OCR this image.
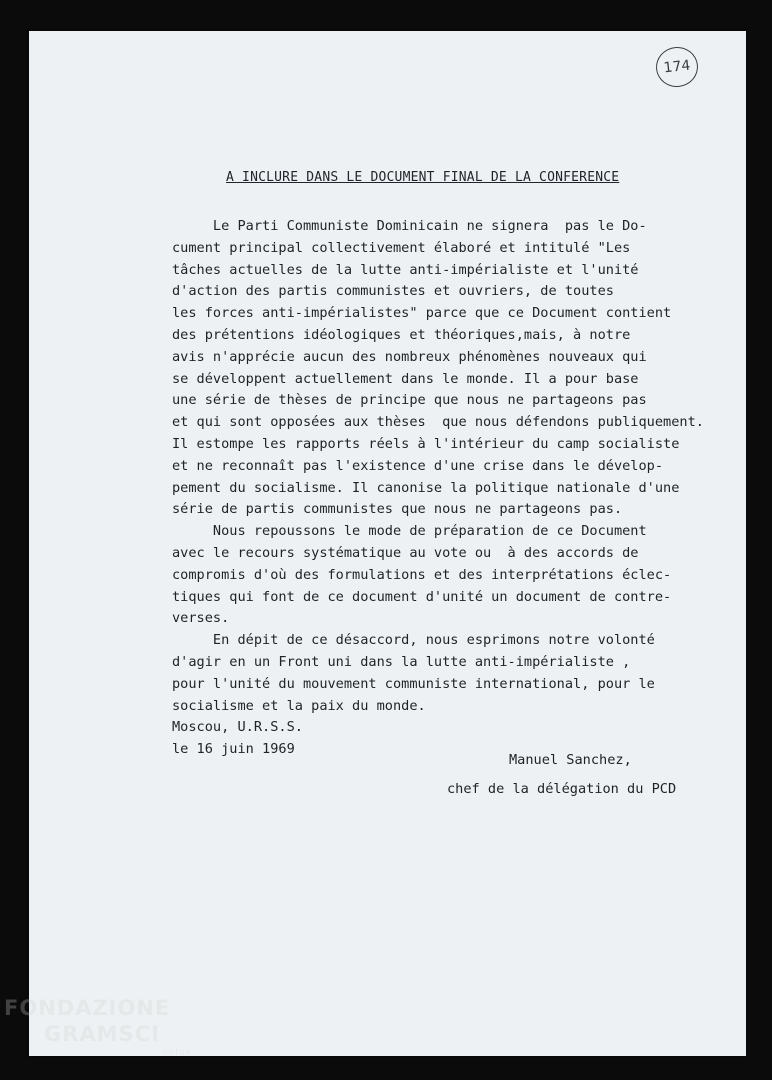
174
A INCLURE DANS LE DOCUMENT FINAL DE LA CONFERENCE
Le Parti Communiste Dominicain ne signera  pas le Do-
cument principal collectivement élaboré et intitulé "Les
tâches actuelles de la lutte anti-impérialiste et l'unité
d'action des partis communistes et ouvriers, de toutes
les forces anti-impérialistes" parce que ce Document contient
des prétentions idéologiques et théoriques,mais, à notre
avis n'apprécie aucun des nombreux phénomènes nouveaux qui
se développent actuellement dans le monde. Il a pour base
une série de thèses de principe que nous ne partageons pas
et qui sont opposées aux thèses  que nous défendons publiquement.
Il estompe les rapports réels à l'intérieur du camp socialiste
et ne reconnaît pas l'existence d'une crise dans le dévelop-
pement du socialisme. Il canonise la politique nationale d'une
série de partis communistes que nous ne partageons pas.
Nous repoussons le mode de préparation de ce Document
avec le recours systématique au vote ou  à des accords de
compromis d'où des formulations et des interprétations éclec-
tiques qui font de ce document d'unité un document de contre-
verses.
En dépit de ce désaccord, nous esprimons notre volonté
d'agir en un Front uni dans la lutte anti-impérialiste ,
pour l'unité du mouvement communiste international, pour le
socialisme et la paix du monde.
Moscou, U.R.S.S.
le 16 juin 1969
Manuel Sanchez,
chef de la délégation du PCD
FONDAZIONE
GRAMSCI
onlus
